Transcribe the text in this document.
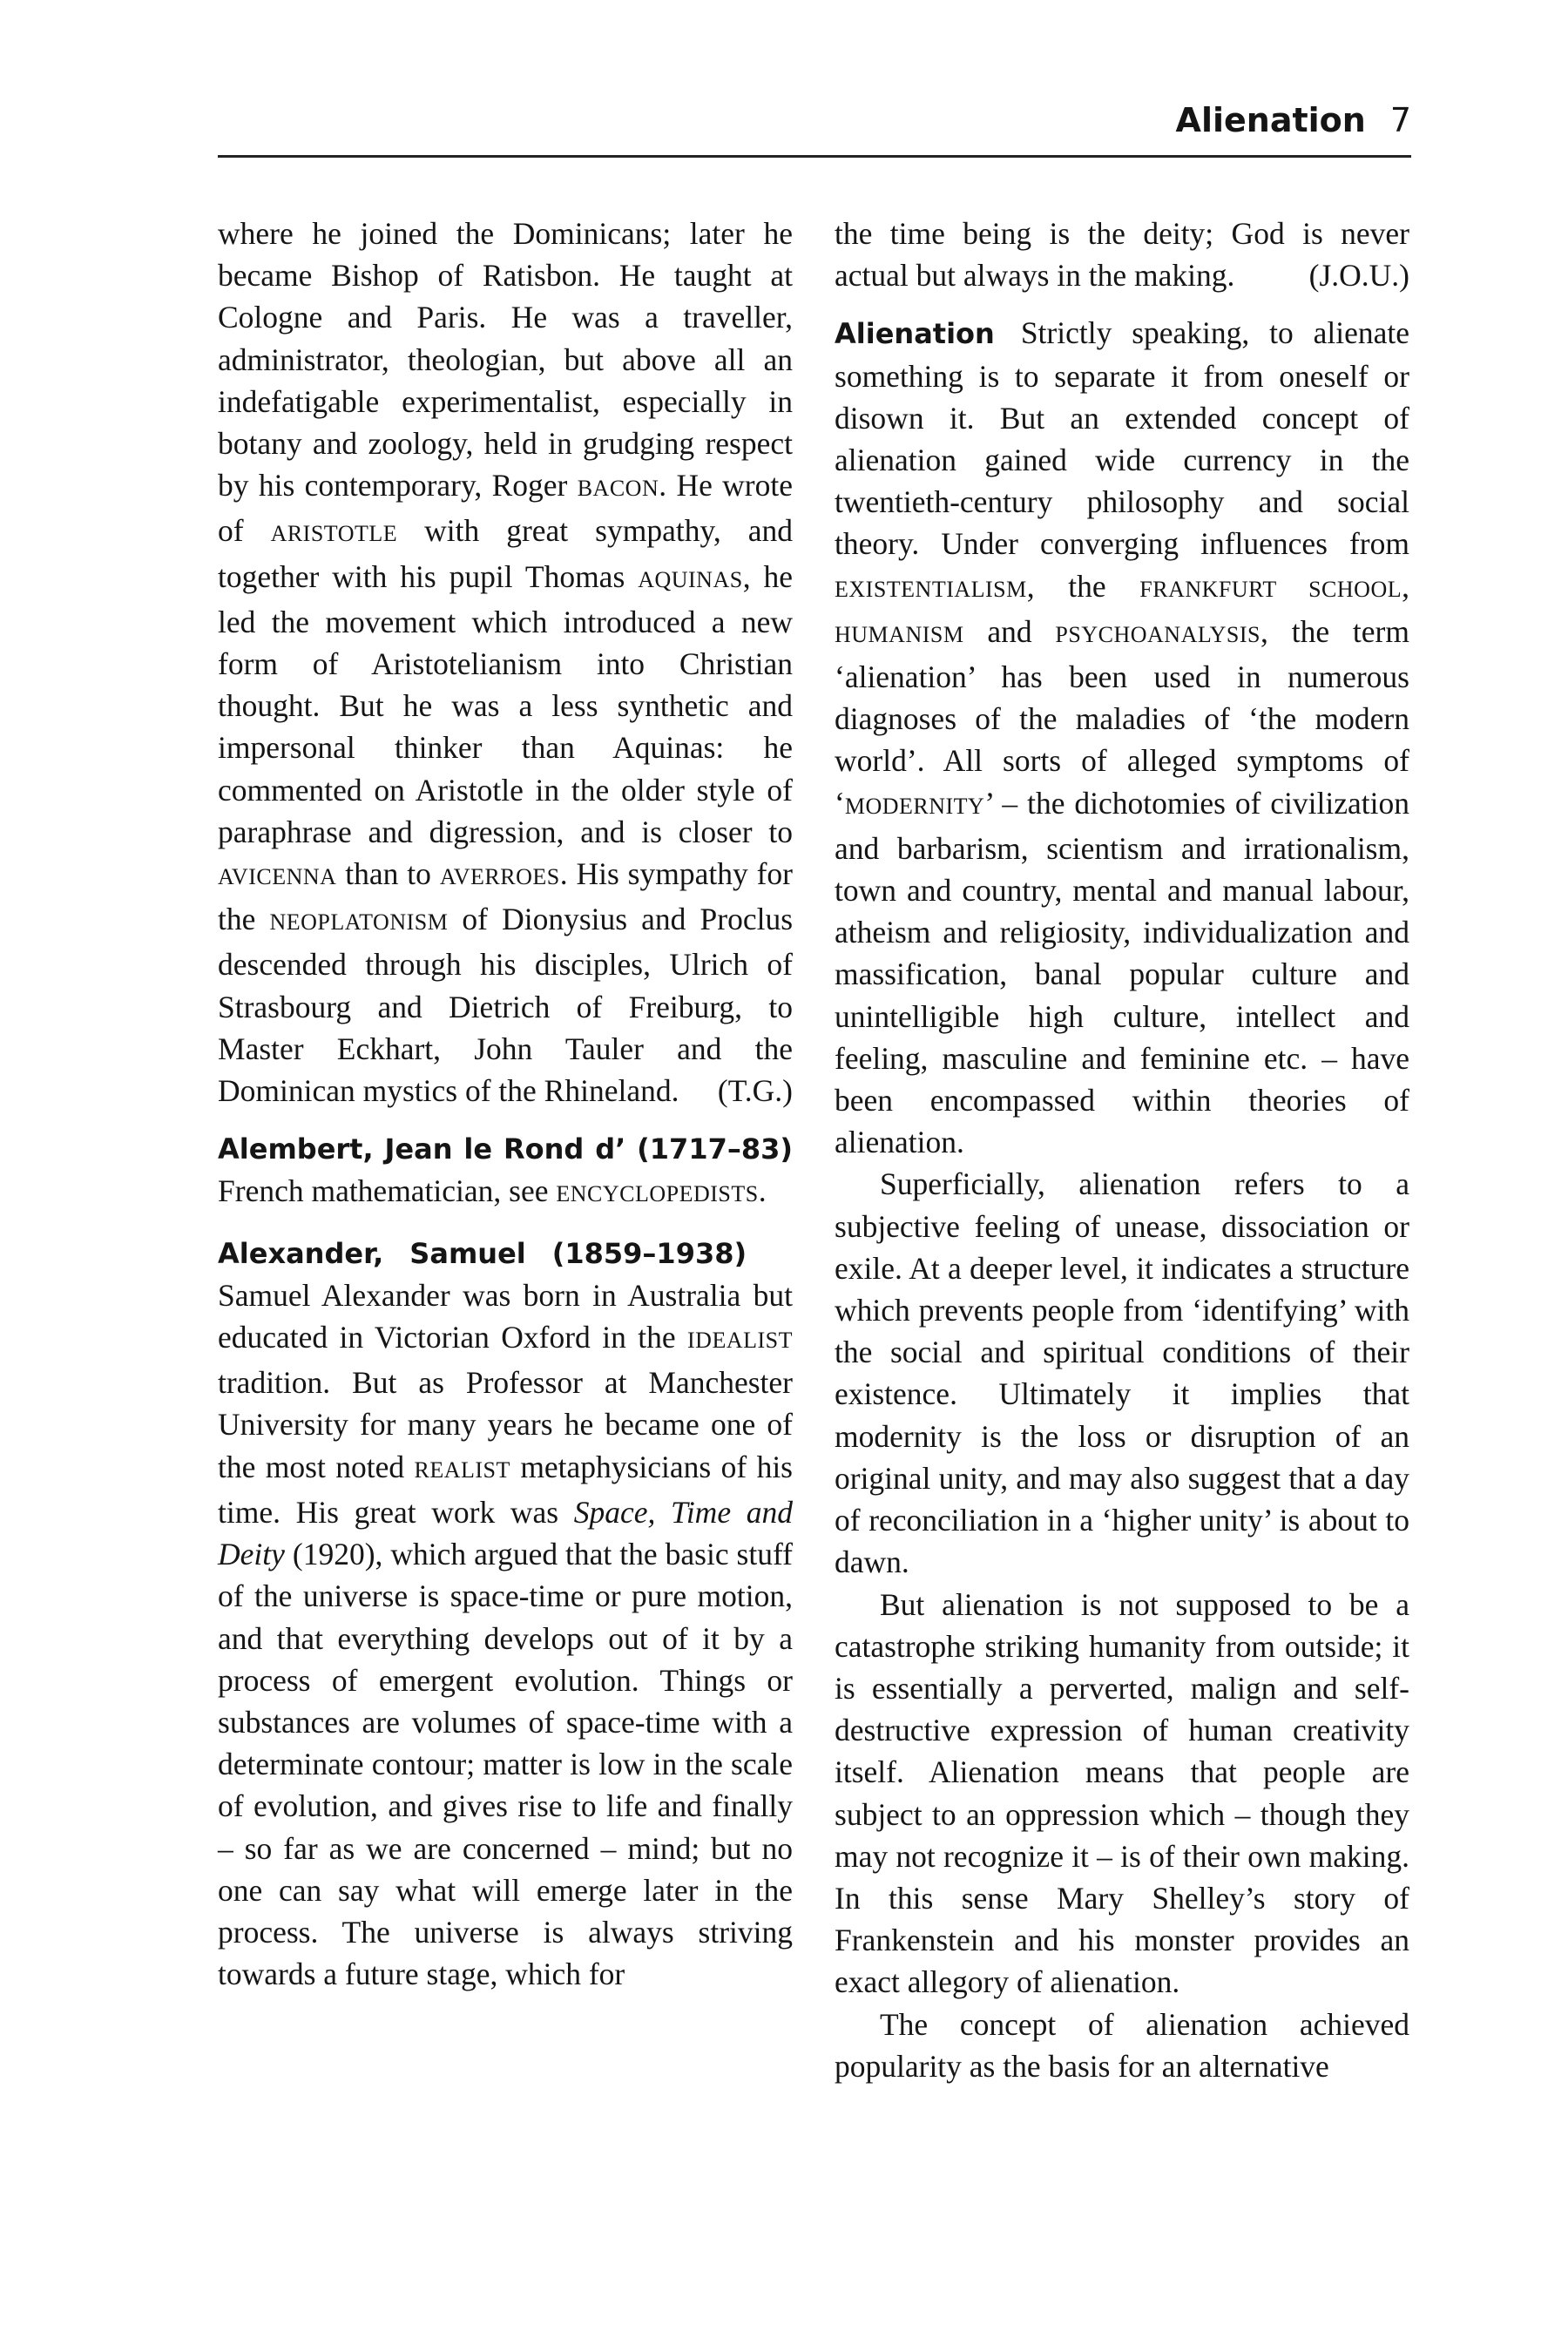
Alienation 7

where he joined the Dominicans; later he became Bishop of Ratisbon. He taught at Cologne and Paris. He was a traveller, administrator, theologian, but above all an indefatigable experimentalist, especially in botany and zoology, held in grudging respect by his contemporary, Roger BACON. He wrote of ARISTOTLE with great sympathy, and together with his pupil Thomas AQUINAS, he led the movement which introduced a new form of Aristotelianism into Christian thought. But he was a less synthetic and impersonal thinker than Aquinas: he commented on Aristotle in the older style of paraphrase and digression, and is closer to AVICENNA than to AVERROES. His sympathy for the NEOPLATONISM of Dionysius and Proclus descended through his disciples, Ulrich of Strasbourg and Dietrich of Freiburg, to Master Eckhart, John Tauler and the Dominican mystics of the Rhineland. (T.G.)

Alembert, Jean le Rond d’ (1717–83) French mathematician, see ENCYCLOPEDISTS.

Alexander, Samuel (1859–1938) Samuel Alexander was born in Australia but educated in Victorian Oxford in the IDEALIST tradition. But as Professor at Manchester University for many years he became one of the most noted REALIST metaphysicians of his time. His great work was Space, Time and Deity (1920), which argued that the basic stuff of the universe is space-time or pure motion, and that everything develops out of it by a process of emergent evolution. Things or substances are volumes of space-time with a determinate contour; matter is low in the scale of evolution, and gives rise to life and finally – so far as we are concerned – mind; but no one can say what will emerge later in the process. The universe is always striving towards a future stage, which for

the time being is the deity; God is never actual but always in the making. (J.O.U.)

Alienation Strictly speaking, to alienate something is to separate it from oneself or disown it. But an extended concept of alienation gained wide currency in the twentieth-century philosophy and social theory. Under converging influences from EXISTENTIALISM, the FRANKFURT SCHOOL, HUMANISM and PSYCHOANALYSIS, the term ‘alienation’ has been used in numerous diagnoses of the maladies of ‘the modern world’. All sorts of alleged symptoms of ‘MODERNITY’ – the dichotomies of civilization and barbarism, scientism and irrationalism, town and country, mental and manual labour, atheism and religiosity, individualization and massification, banal popular culture and unintelligible high culture, intellect and feeling, masculine and feminine etc. – have been encompassed within theories of alienation.

Superficially, alienation refers to a subjective feeling of unease, dissociation or exile. At a deeper level, it indicates a structure which prevents people from ‘identifying’ with the social and spiritual conditions of their existence. Ultimately it implies that modernity is the loss or disruption of an original unity, and may also suggest that a day of reconciliation in a ‘higher unity’ is about to dawn.

But alienation is not supposed to be a catastrophe striking humanity from outside; it is essentially a perverted, malign and self-destructive expression of human creativity itself. Alienation means that people are subject to an oppression which – though they may not recognize it – is of their own making. In this sense Mary Shelley’s story of Frankenstein and his monster provides an exact allegory of alienation.

The concept of alienation achieved popularity as the basis for an alternative
